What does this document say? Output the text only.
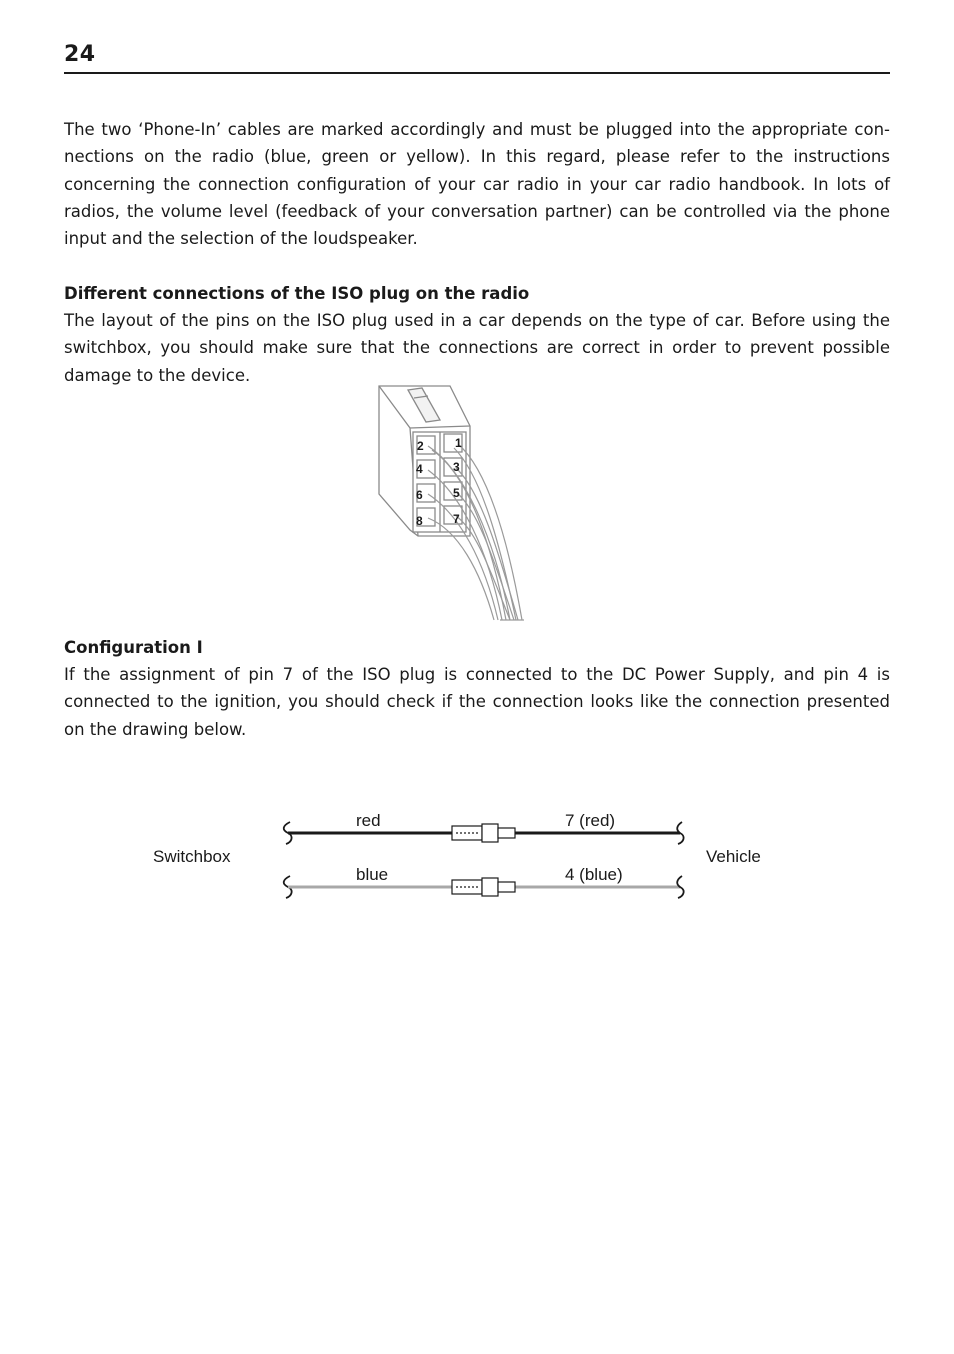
24

The two ‘Phone-In’ cables are marked accordingly and must be plugged into the appropriate con-nections on the radio (blue, green or yellow). In this regard, please refer to the instructions concerning the connection configuration of your car radio in your car radio handbook. In lots of radios, the volume level (feedback of your conversation partner) can be controlled via the phone input and the selection of the loudspeaker.

Different connections of the ISO plug on the radio

The layout of the pins on the ISO plug used in a car depends on the type of car. Before using the switchbox, you should make sure that the connections are correct in order to prevent possible damage to the device.

1
2
3
4
5
6
7
8

Configuration I

If the assignment of pin 7 of the ISO plug is connected to the DC Power Supply, and pin 4 is connected to the ignition, you should check if the connection looks like the connection presented on the drawing below.

Switchbox	Vehicle
red	7 (red)
blue	4 (blue)
